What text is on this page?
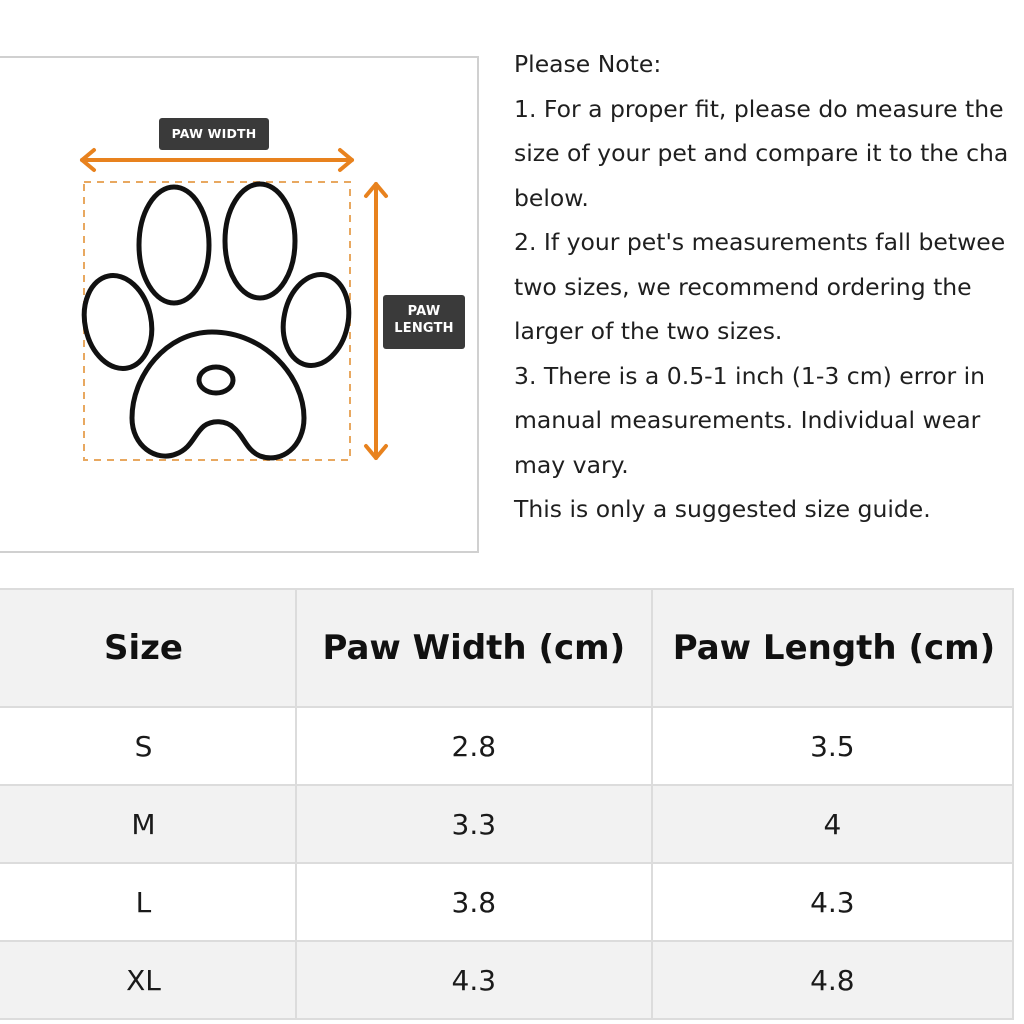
PAW WIDTH
PAW
LENGTH
Please Note:
1. For a proper fit, please do measure the
size of your pet and compare it to the cha
below.
2. If your pet's measurements fall betwee
two sizes, we recommend ordering the
larger of the two sizes.
3. There is a 0.5-1 inch (1-3 cm) error in
manual measurements. Individual wear
may vary.
This is only a suggested size guide.
Size	Paw Width (cm)	Paw Length (cm)
S	2.8	3.5
M	3.3	4
L	3.8	4.3
XL	4.3	4.8
